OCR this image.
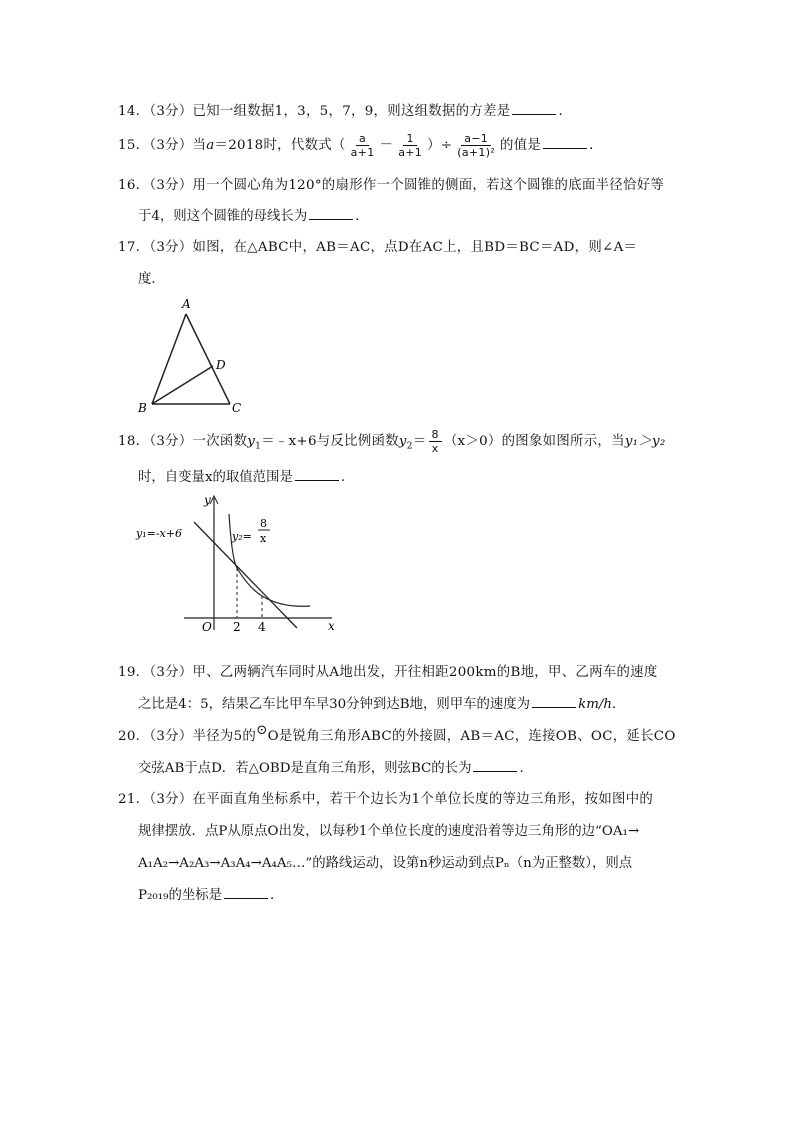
14．（3分）已知一组数据1，3，5，7，9，则这组数据的方差是	．
15．（3分）当a＝2018时，代数式（ $\frac{a}{a+1} - \frac{1}{a+1}$ ）÷ $\frac{a-1}{\text{(a+1)²}}$ 的值是	．
16．（3分）用一个圆心角为120°的扇形作一个圆锥的侧面，若这个圆锥的底面半径恰好等
于4，则这个圆锥的母线长为	．
17．（3分）如图，在△ABC中，AB＝AC，点D在AC上，且BD＝BC＝AD，则∠A＝
度．
A
B	C
D
18．（3分）一次函数$y_1=﹣x+6$与反比例函数$y_2= \frac{8}{x} (x>0)$的图象如图所示，当y₁＞y₂
时，自变量x的取值范围是	．
y
x
O 2 4
y₁=-x+6	y₂=
8
x
19．（3分）甲、乙两辆汽车同时从A地出发，开往相距200km的B地，甲、乙两车的速度
之比是4：5，结果乙车比甲车早30分钟到达B地，则甲车的速度为	km/h．
20．（3分）半径为5的⊙O是锐角三角形ABC的外接圆，AB＝AC，连接OB、OC，延长CO
交弦AB于点D．若△OBD是直角三角形，则弦BC的长为	．
21．（3分）在平面直角坐标系中，若干个边长为1个单位长度的等边三角形，按如图中的
规律摆放．点P从原点O出发，以每秒1个单位长度的速度沿着等边三角形的边“OA₁→
A₁A₂→A₂A₃→A₃A₄→A₄A₅…”的路线运动，设第n秒运动到点Pₙ（n为正整数），则点
P₂₀₁₉的坐标是	．
